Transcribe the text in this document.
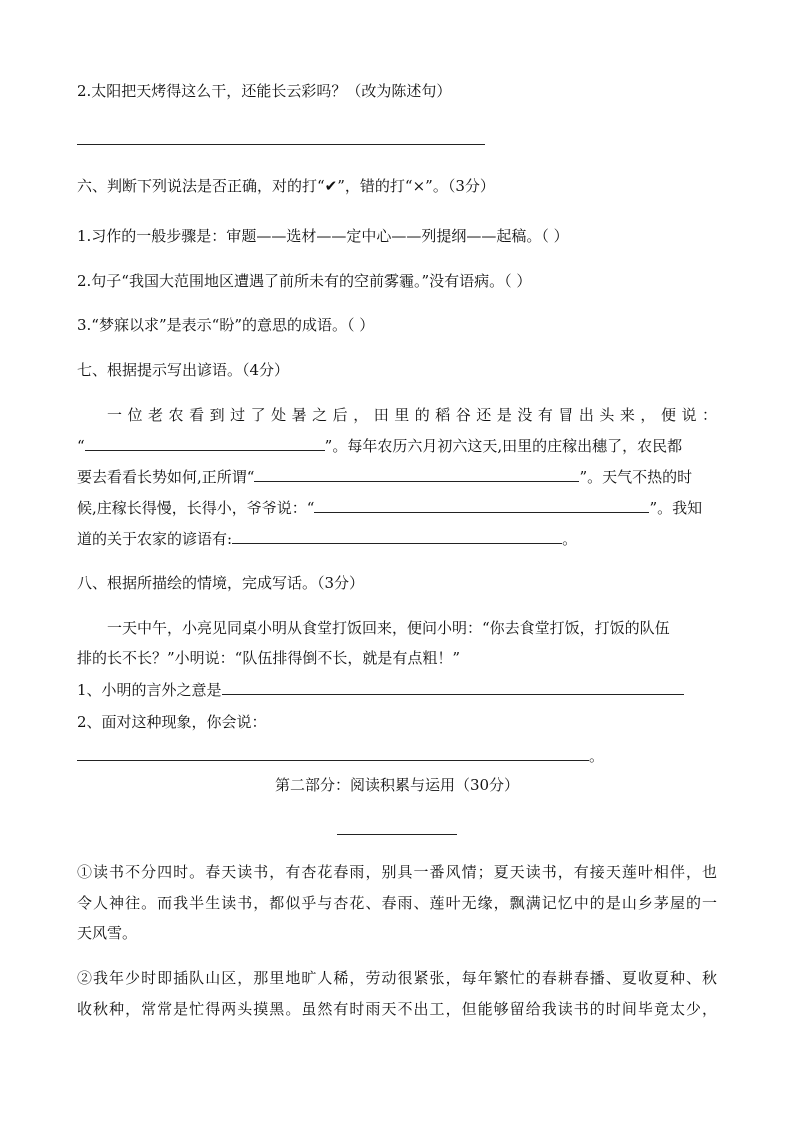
2.太阳把天烤得这么干，还能长云彩吗？（改为陈述句）
六、判断下列说法是否正确，对的打“✔”，错的打“×”。（3分）
1.习作的一般步骤是：审题——选材——定中心——列提纲——起稿。（ ）
2.句子“我国大范围地区遭遇了前所未有的空前雾霾。”没有语病。（ ）
3.“梦寐以求”是表示“盼”的意思的成语。（ ）
七、根据提示写出谚语。（4分）
一位老农看到过了处暑之后，田里的稻谷还是没有冒出头来，便说：
“	”。每年农历六月初六这天,田里的庄稼出穗了，农民都
要去看看长势如何,正所谓“	”。天气不热的时
候,庄稼长得慢，长得小，爷爷说：“	”。我知
道的关于农家的谚语有:	。
八、根据所描绘的情境，完成写话。（3分）
一天中午，小亮见同桌小明从食堂打饭回来，便问小明：“你去食堂打饭，打饭的队伍
排的长不长？”小明说：“队伍排得倒不长，就是有点粗！”
1、小明的言外之意是
2、面对这种现象，你会说：
。
第二部分：阅读积累与运用（30分）
①读书不分四时。春天读书，有杏花春雨，别具一番风情；夏天读书，有接天莲叶相伴，也
令人神往。而我半生读书，都似乎与杏花、春雨、莲叶无缘，飘满记忆中的是山乡茅屋的一
天风雪。
②我年少时即插队山区，那里地旷人稀，劳动很紧张，每年繁忙的春耕春播、夏收夏种、秋
收秋种，常常是忙得两头摸黑。虽然有时雨天不出工，但能够留给我读书的时间毕竟太少，
